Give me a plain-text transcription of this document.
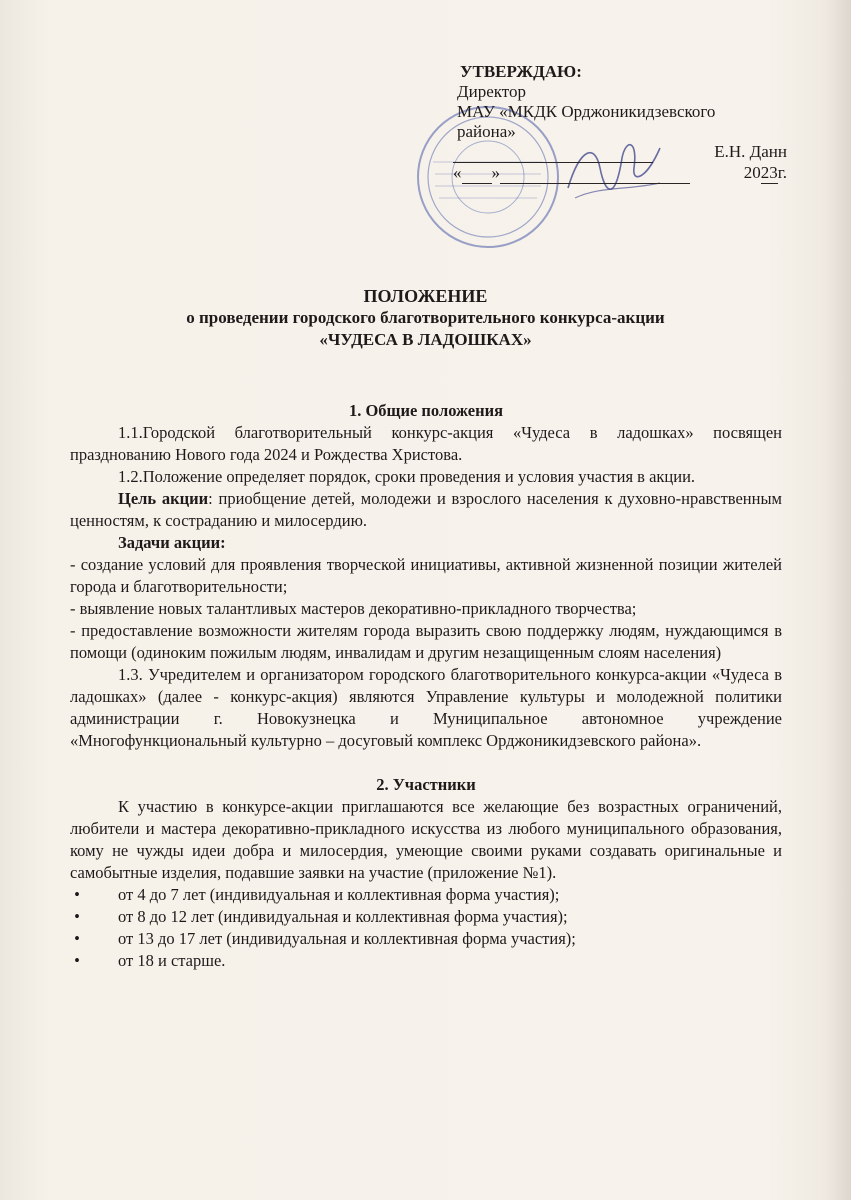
УТВЕРЖДАЮ:
Директор
МАУ «МКДК Орджоникидзевского
района»

Е.Н. Данн
« »	2023г.
ПОЛОЖЕНИЕ
о проведении городского благотворительного конкурса-акции
«ЧУДЕСА В ЛАДОШКАХ»

1. Общие положения

1.1.Городской благотворительный конкурс-акция «Чудеса в ладошках» посвящен празднованию Нового года 2024 и Рождества Христова.

1.2.Положение определяет порядок, сроки проведения и условия участия в акции.

Цель акции: приобщение детей, молодежи и взрослого населения к духовно-нравственным ценностям, к состраданию и милосердию.

Задачи акции:

- создание условий для проявления творческой инициативы, активной жизненной позиции жителей города и благотворительности;

- выявление новых талантливых мастеров декоративно-прикладного творчества;

- предоставление возможности жителям города выразить свою поддержку людям, нуждающимся в помощи (одиноким пожилым людям, инвалидам и другим незащищенным слоям населения)

1.3. Учредителем и организатором городского благотворительного конкурса-акции «Чудеса в ладошках» (далее - конкурс-акция) являются Управление культуры и молодежной политики администрации г. Новокузнецка и Муниципальное автономное учреждение «Многофункциональный культурно – досуговый комплекс Орджоникидзевского района».

2. Участники

К участию в конкурсе-акции приглашаются все желающие без возрастных ограничений, любители и мастера декоративно-прикладного искусства из любого муниципального образования, кому не чужды идеи добра и милосердия, умеющие своими руками создавать оригинальные и самобытные изделия, подавшие заявки на участие (приложение №1).

• от 4 до 7 лет (индивидуальная и коллективная форма участия);
• от 8 до 12 лет (индивидуальная и коллективная форма участия);
• от 13 до 17 лет (индивидуальная и коллективная форма участия);
• от 18 и старше.
